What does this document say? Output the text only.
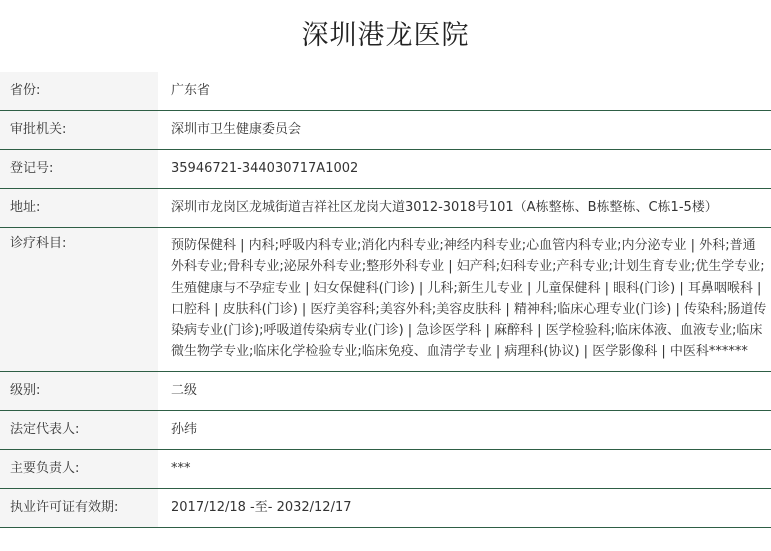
深圳港龙医院
省份:	广东省

审批机关:	深圳市卫生健康委员会

登记号:	35946721-344030717A1002

地址:	深圳市龙岗区龙城街道吉祥社区龙岗大道3012-3018号101（A栋整栋、B栋整栋、C栋1-5楼）

诊疗科目:	预防保健科 | 内科;呼吸内科专业;消化内科专业;神经内科专业;心血管内科专业;内分泌专业 | 外科;普通外科专业;骨科专业;泌尿外科专业;整形外科专业 | 妇产科;妇科专业;产科专业;计划生育专业;优生学专业;生殖健康与不孕症专业 | 妇女保健科(门诊) | 儿科;新生儿专业 | 儿童保健科 | 眼科(门诊) | 耳鼻咽喉科 | 口腔科 | 皮肤科(门诊) | 医疗美容科;美容外科;美容皮肤科 | 精神科;临床心理专业(门诊) | 传染科;肠道传染病专业(门诊);呼吸道传染病专业(门诊) | 急诊医学科 | 麻醉科 | 医学检验科;临床体液、血液专业;临床微生物学专业;临床化学检验专业;临床免疫、血清学专业 | 病理科(协议) | 医学影像科 | 中医科******

级别:	二级

法定代表人:	孙纬

主要负责人:	***

执业许可证有效期:	2017/12/18 -至- 2032/12/17
